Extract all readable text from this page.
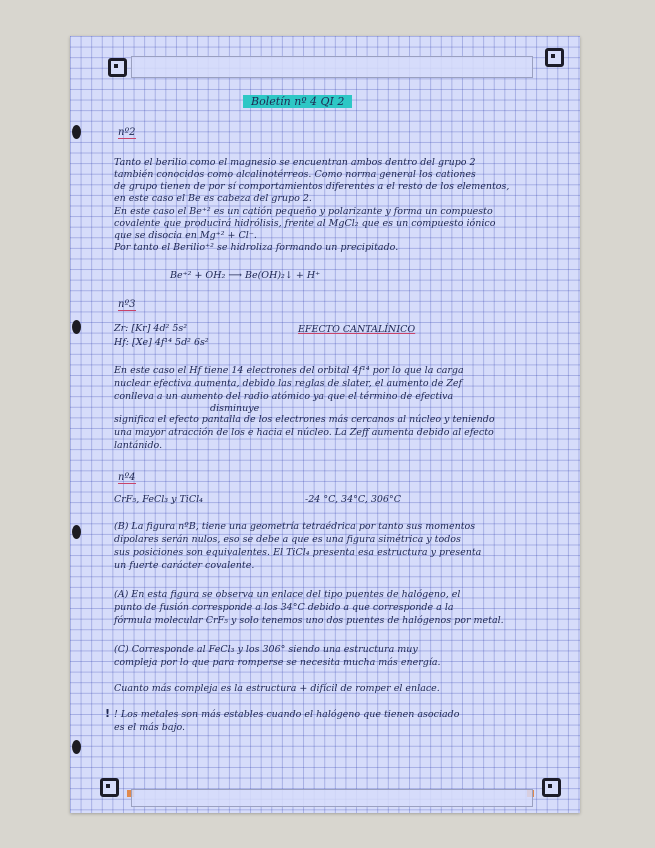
Boletín nº 4 QI 2
nº2
Tanto el berilio como el magnesio se encuentran ambos dentro del grupo 2
también conocidos como alcalinotérreos. Como norma general los cationes
de grupo tienen de por sí comportamientos diferentes a el resto de los elementos,
en este caso el Be es cabeza del grupo 2.
En este caso el Be⁺² es un catión pequeño y polarizante y forma un compuesto
covalente que producirá hidrólisis, frente al MgCl₂ que es un compuesto iónico
que se disocia en Mg⁺² + Cl⁻.
Por tanto el Berilio⁺² se hidroliza formando un precipitado.
Be⁺² + OH₂ ⟶ Be(OH)₂↓ + H⁺
nº3
Zr: [Kr] 4d² 5s²
Hf: [Xe] 4f¹⁴ 5d² 6s²
EFECTO CANTALÍNICO
En este caso el Hf tiene 14 electrones del orbital 4f¹⁴ por lo que la carga
nuclear efectiva aumenta, debido las reglas de slater, el aumento de Zef
conlleva a un aumento del radio atómico ya que el término de efectiva
disminuye
significa el efecto pantalla de los electrones más cercanos al núcleo y teniendo
una mayor atracción de los e hacia el núcleo. La Zeff aumenta debido al efecto
lantánido.
nº4
CrF₅, FeCl₃ y TiCl₄	-24 °C, 34°C, 306°C
(B) La figura nºB, tiene una geometría tetraédrica por tanto sus momentos
dipolares serán nulos, eso se debe a que es una figura simétrica y todos
sus posiciones son equivalentes. El TiCl₄ presenta esa estructura y presenta
un fuerte carácter covalente.
(A) En esta figura se observa un enlace del tipo puentes de halógeno, el
punto de fusión corresponde a los 34°C debido a que corresponde a la
fórmula molecular CrF₅ y solo tenemos uno dos puentes de halógenos por metal.
(C) Corresponde al FeCl₃ y los 306° siendo una estructura muy
compleja por lo que para romperse se necesita mucha más energía.
Cuanto más compleja es la estructura + difícil de romper el enlace.
! ! Los metales son más estables cuando el halógeno que tienen asociado
es el más bajo.
